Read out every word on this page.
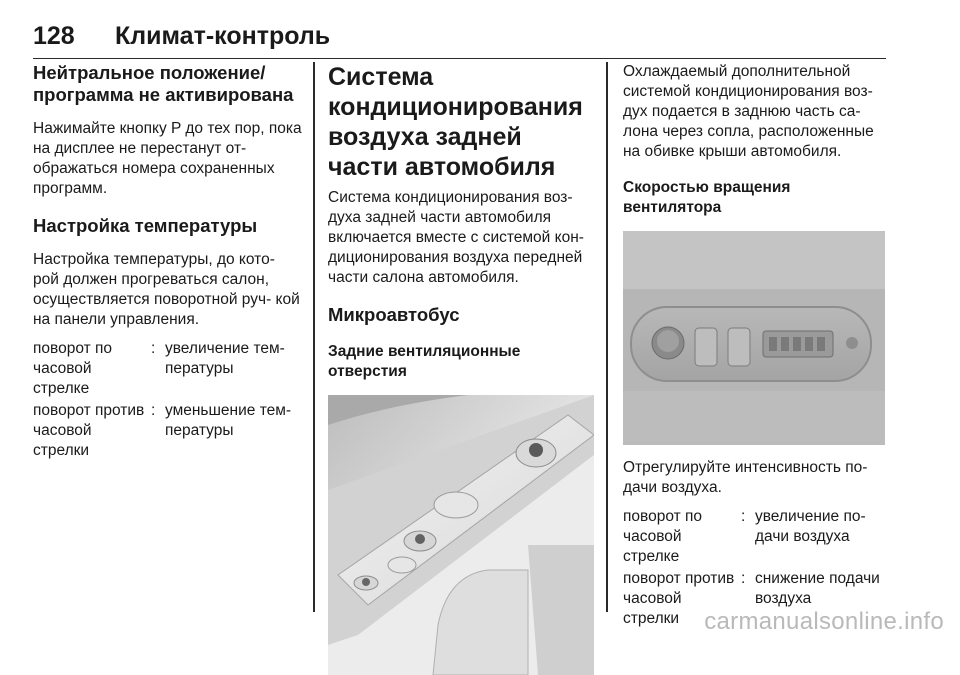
128 Климат-контроль
Нейтральное положение/ программа не активирована

Нажимайте кнопку P до тех пор, пока на дисплее не перестанут от- ображаться номера сохраненных программ.

Настройка температуры

Настройка температуры, до кото- рой должен прогреваться салон, осуществляется поворотной руч- кой на панели управления.

поворот по часовой стрелке	:	увеличение тем- пературы
поворот против часовой стрелки	:	уменьшение тем- пературы
Система кондиционирования воздуха задней части автомобиля

Система кондиционирования воз- духа задней части автомобиля включается вместе с системой кон- диционирования воздуха передней части салона автомобиля.

Микроавтобус
Задние вентиляционные отверстия

Охлаждаемый дополнительной системой кондиционирования воз- дух подается в заднюю часть са- лона через сопла, расположенные на обивке крыши автомобиля.

Скоростью вращения вентилятора

Отрегулируйте интенсивность по- дачи воздуха.

поворот по часовой стрелке	:	увеличение по- дачи воздуха
поворот против часовой стрелки	:	снижение подачи воздуха
carmanualsonline.info
